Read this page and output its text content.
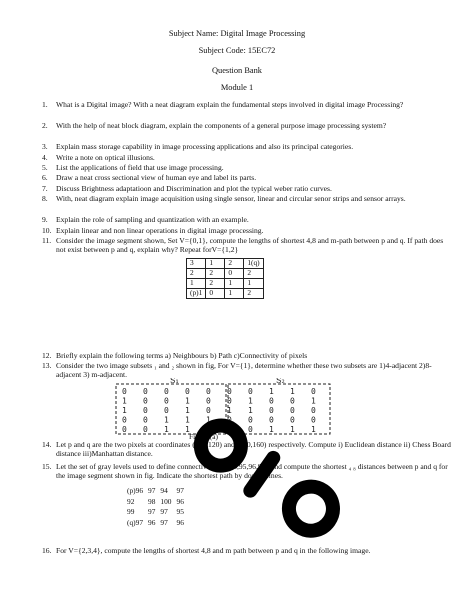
Subject Name: Digital Image Processing
Subject Code: 15EC72
Question Bank
Module 1
1. What is a Digital image? With a neat diagram explain the fundamental steps involved in digital image Processing?
2. With the help of neat block diagram, explain the components of a general purpose image processing system?
3. Explain mass storage capability in image processing applications and also its principal categories.
4. Write a note on optical illusions.
5. List the applications of field that use image processing.
6. Draw a neat cross sectional view of human eye and label its parts.
7. Discuss Brightness adaptatioon and Discrimination and plot the typical weber ratio curves.
8. With, neat diagram explain image acquisition using single sensor, linear and circular senor strips and sensor arrays.
9. Explain the role of sampling and quantization with an example.
10. Explain linear and non linear operations in digital image processing.
11. Consider the image segment shown, Set V={0,1}, compute the lengths of shortest 4,8 and m-path between p and q. If path does not exist between p and q, explain why? Repeat forV={1,2}
3	1	2	1(q)
2	2	0	2
1	2	1	1
(p)1	0	1	2
12. Briefly explain the following terms a) Neighbours b) Path c)Connectivity of pixels
13. Consider the two image subsets ₁ and ₂ shown in fig, For V={1}, determine whether these two subsets are 1)4-adjacent 2)8-adjacent 3) m-adjacent.
S₁	S₂
0 0 0 0 0 0 0 1 1 0
1 0 0 1 0 0 1 0 0 1
1 0 0 1 0 1 1 0 0 0
0 0 1 1 1 0 0 0 0 0
0 0 1 1 1 0 0 1 1 1
Fig.Q2(a)
14. Let p and q are the two pixels at coordinates (100,120) and (130,160) respectively. Compute i) Euclidean distance ii) Chess Board distance iii)Manhattan distance.
15. Let the set of gray levels used to define connectivity be {94,95,96,97} and compute the shortest ₄ ₈ distances between p and q for the image segment shown in fig. Indicate the shortest path by double lines.
(p)96	97	94	97
92	98	100	96
99	97	97	95
(q)97	96	97	96
16. For V={2,3,4}, compute the lengths of shortest 4,8 and m path between p and q in the following image.
